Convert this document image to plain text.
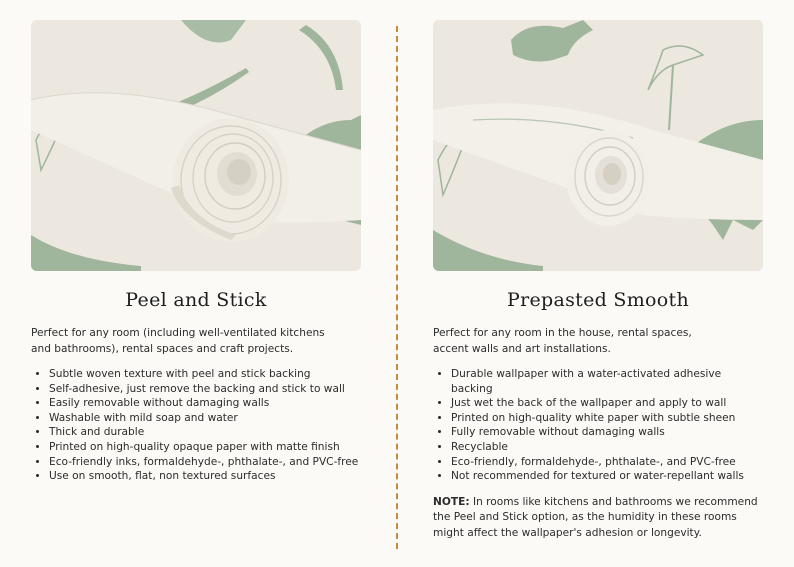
Peel and Stick

Perfect for any room (including well-ventilated kitchens
and bathrooms), rental spaces and craft projects.

• Subtle woven texture with peel and stick backing
• Self-adhesive, just remove the backing and stick to wall
• Easily removable without damaging walls
• Washable with mild soap and water
• Thick and durable
• Printed on high-quality opaque paper with matte finish
• Eco-friendly inks, formaldehyde-, phthalate-, and PVC-free
• Use on smooth, flat, non textured surfaces
Prepasted Smooth

Perfect for any room in the house, rental spaces,
accent walls and art installations.

• Durable wallpaper with a water-activated adhesive backing
• Just wet the back of the wallpaper and apply to wall
• Printed on high-quality white paper with subtle sheen
• Fully removable without damaging walls
• Recyclable
• Eco-friendly, formaldehyde-, phthalate-, and PVC-free
• Not recommended for textured or water-repellant walls

NOTE: In rooms like kitchens and bathrooms we recommend the Peel and Stick option, as the humidity in these rooms might affect the wallpaper's adhesion or longevity.
